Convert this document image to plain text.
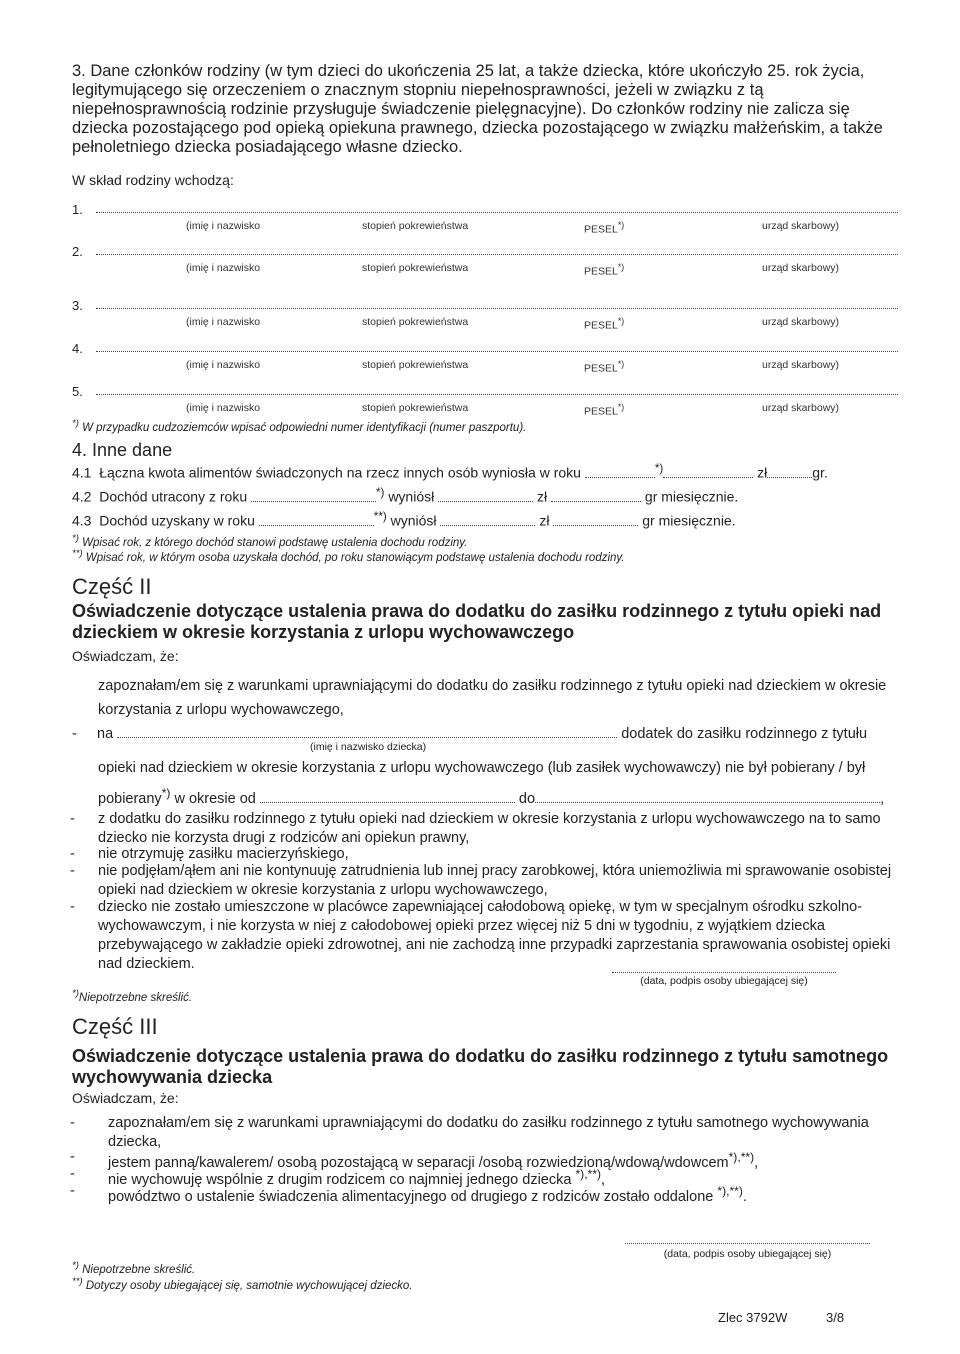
3. Dane członków rodziny (w tym dzieci do ukończenia 25 lat, a także dziecka, które ukończyło 25. rok życia, legitymującego się orzeczeniem o znacznym stopniu niepełnosprawności, jeżeli w związku z tą niepełnosprawnością rodzinie przysługuje świadczenie pielęgnacyjne). Do członków rodziny nie zalicza się dziecka pozostającego pod opieką opiekuna prawnego, dziecka pozostającego w związku małżeńskim, a także pełnoletniego dziecka posiadającego własne dziecko.
W skład rodziny wchodzą:
1.
(imię i nazwisko	stopień pokrewieństwa	PESEL*)	urząd skarbowy)
2.
(imię i nazwisko	stopień pokrewieństwa	PESEL*)	urząd skarbowy)
3.
(imię i nazwisko	stopień pokrewieństwa	PESEL*)	urząd skarbowy)
4.
(imię i nazwisko	stopień pokrewieństwa	PESEL*)	urząd skarbowy)
5.
(imię i nazwisko	stopień pokrewieństwa	PESEL*)	urząd skarbowy)
*) W przypadku cudzoziemców wpisać odpowiedni numer identyfikacji (numer paszportu).
4. Inne dane
4.1 Łączna kwota alimentów świadczonych na rzecz innych osób wyniosła w roku	*)	zł	gr.
4.2 Dochód utracony z roku	*) wyniósł	zł	gr miesięcznie.
4.3 Dochód uzyskany w roku	**) wyniósł	zł	gr miesięcznie.
*) Wpisać rok, z którego dochód stanowi podstawę ustalenia dochodu rodziny.
**) Wpisać rok, w którym osoba uzyskała dochód, po roku stanowiącym podstawę ustalenia dochodu rodziny.
Część II
Oświadczenie dotyczące ustalenia prawa do dodatku do zasiłku rodzinnego z tytułu opieki nad dzieckiem w okresie korzystania z urlopu wychowawczego
Oświadczam, że:
zapoznałam/em się z warunkami uprawniającymi do dodatku do zasiłku rodzinnego z tytułu opieki nad dzieckiem w okresie korzystania z urlopu wychowawczego,
- na	dodatek do zasiłku rodzinnego z tytułu
(imię i nazwisko dziecka)
opieki nad dzieckiem w okresie korzystania z urlopu wychowawczego (lub zasiłek wychowawczy) nie był pobierany / był
pobierany*) w okresie od	do	,
- z dodatku do zasiłku rodzinnego z tytułu opieki nad dzieckiem w okresie korzystania z urlopu wychowawczego na to samo dziecko nie korzysta drugi z rodziców ani opiekun prawny,
- nie otrzymuję zasiłku macierzyńskiego,
- nie podjęłam/ąłem ani nie kontynuuję zatrudnienia lub innej pracy zarobkowej, która uniemożliwia mi sprawowanie osobistej opieki nad dzieckiem w okresie korzystania z urlopu wychowawczego,
- dziecko nie zostało umieszczone w placówce zapewniającej całodobową opiekę, w tym w specjalnym ośrodku szkolno-wychowawczym, i nie korzysta w niej z całodobowej opieki przez więcej niż 5 dni w tygodniu, z wyjątkiem dziecka przebywającego w zakładzie opieki zdrowotnej, ani nie zachodzą inne przypadki zaprzestania sprawowania osobistej opieki nad dzieckiem.
(data, podpis osoby ubiegającej się)
*)Niepotrzebne skreślić.
Część III
Oświadczenie dotyczące ustalenia prawa do dodatku do zasiłku rodzinnego z tytułu samotnego wychowywania dziecka
Oświadczam, że:
- zapoznałam/em się z warunkami uprawniającymi do dodatku do zasiłku rodzinnego z tytułu samotnego wychowywania dziecka,
- jestem panną/kawalerem/ osobą pozostającą w separacji /osobą rozwiedzioną/wdową/wdowcem*),**),
- nie wychowuję wspólnie z drugim rodzicem co najmniej jednego dziecka *),**),
- powództwo o ustalenie świadczenia alimentacyjnego od drugiego z rodziców zostało oddalone *),**).
(data, podpis osoby ubiegającej się)
*) Niepotrzebne skreślić.
**) Dotyczy osoby ubiegającej się, samotnie wychowującej dziecko.
Zlec 3792W	3/8
